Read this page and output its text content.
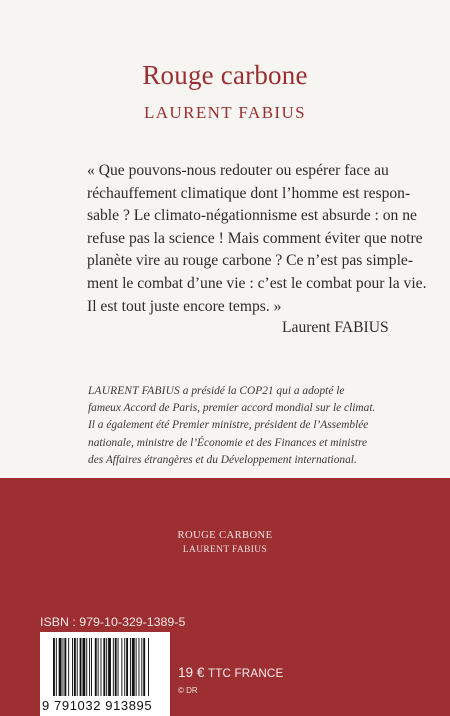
Rouge carbone
LAURENT FABIUS
« Que pouvons-nous redouter ou espérer face au
réchauffement climatique dont l’homme est respon-
sable ? Le climato-négationnisme est absurde : on ne
refuse pas la science ! Mais comment éviter que notre
planète vire au rouge carbone ? Ce n’est pas simple-
ment le combat d’une vie : c’est le combat pour la vie.
Il est tout juste encore temps. »
Laurent FABIUS
LAURENT FABIUS a présidé la COP21 qui a adopté le fameux Accord de Paris, premier accord mondial sur le climat. Il a également été Premier ministre, président de l’Assemblée nationale, ministre de l’Économie et des Finances et ministre des Affaires étrangères et du Développement international.
ROUGE CARBONE
LAURENT FABIUS
ISBN : 979-10-329-1389-5
9 791032 913895
19 € TTC FRANCE
© DR
